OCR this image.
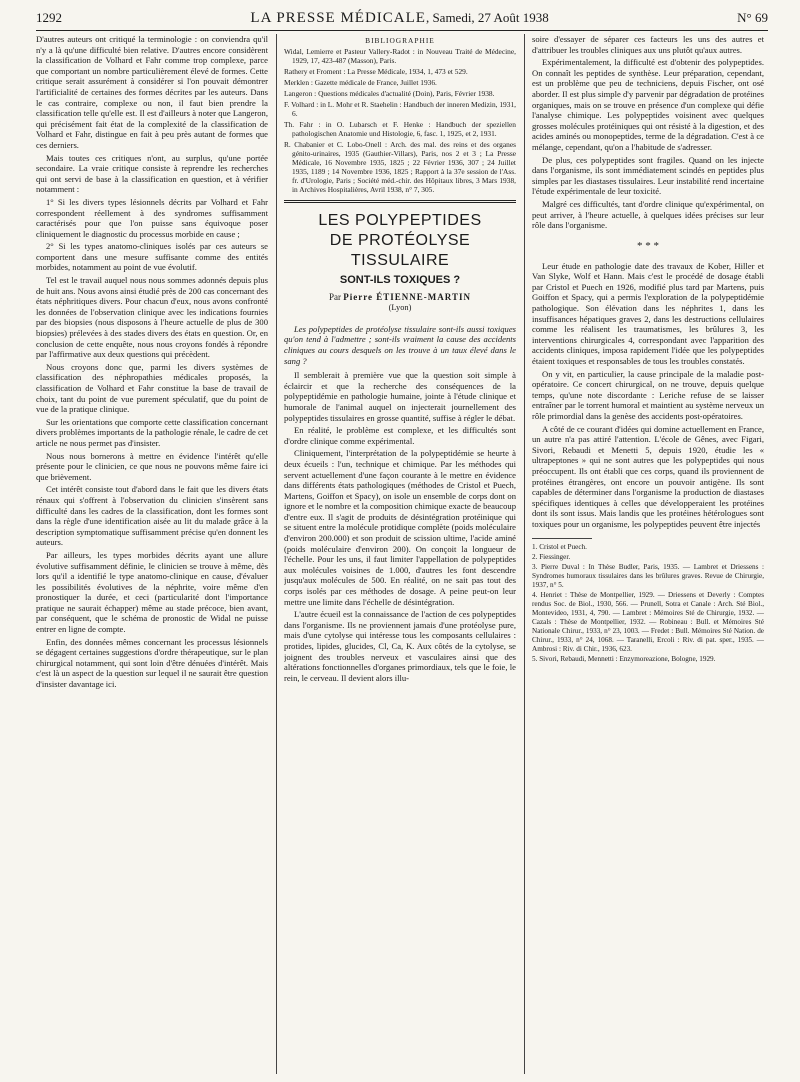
1292	LA PRESSE MÉDICALE, Samedi, 27 Août 1938	N° 69

D'autres auteurs ont critiqué la terminologie : on conviendra qu'il n'y a là qu'une difficulté bien relative. D'autres encore considèrent la classification de Volhard et Fahr comme trop complexe, parce que comportant un nombre particulièrement élevé de formes. Cette critique serait assurément à considérer si l'on pouvait démontrer l'artificialité de certaines des formes décrites par les auteurs. Dans le cas contraire, complexe ou non, il faut bien prendre la classification telle qu'elle est. Il est d'ailleurs à noter que Langeron, qui précisément fait état de la complexité de la classification de Volhard et Fahr, distingue en fait à peu près autant de formes que ces derniers.

Mais toutes ces critiques n'ont, au surplus, qu'une portée secondaire. La vraie critique consiste à reprendre les recherches qui ont servi de base à la classification en question, et à vérifier notamment :

1° Si les divers types lésionnels décrits par Volhard et Fahr correspondent réellement à des syndromes suffisamment caractérisés pour que l'on puisse sans équivoque poser cliniquement le diagnostic du processus morbide en cause ;

2° Si les types anatomo-cliniques isolés par ces auteurs se comportent dans une mesure suffisante comme des entités morbides, notamment au point de vue évolutif.

Tel est le travail auquel nous nous sommes adonnés depuis plus de huit ans. Nous avons ainsi étudié près de 200 cas concernant des états néphritiques divers. Pour chacun d'eux, nous avons confronté les données de l'observation clinique avec les indications fournies par des biopsies (nous disposons à l'heure actuelle de plus de 300 biopsies) prélevées à des stades divers des états en question. Or, en conclusion de cette enquête, nous nous croyons fondés à répondre par l'affirmative aux deux questions qui précèdent.

Nous croyons donc que, parmi les divers systèmes de classification des néphropathies médicales proposés, la classification de Volhard et Fahr constitue la base de travail de choix, tant du point de vue purement spéculatif, que du point de vue de la pratique clinique.

Sur les orientations que comporte cette classification concernant divers problèmes importants de la pathologie rénale, le cadre de cet article ne nous permet pas d'insister.

Nous nous bornerons à mettre en évidence l'intérêt qu'elle présente pour le clinicien, ce que nous ne pouvons même faire ici que brièvement.

Cet intérêt consiste tout d'abord dans le fait que les divers états rénaux qui s'offrent à l'observation du clinicien s'insèrent sans difficulté dans les cadres de la classification, dont les formes sont dans la règle d'une identification aisée au lit du malade grâce à la description symptomatique suffisamment précise qu'en donnent les auteurs.

Par ailleurs, les types morbides décrits ayant une allure évolutive suffisamment définie, le clinicien se trouve à même, dès lors qu'il a identifié le type anatomo-clinique en cause, d'évaluer les possibilités évolutives de la néphrite, voire même d'en pronostiquer la durée, et ceci (particularité dont l'importance pratique ne saurait échapper) même au stade précoce, bien avant, par conséquent, que le schéma de pronostic de Widal ne puisse entrer en ligne de compte.

Enfin, des données mêmes concernant les processus lésionnels se dégagent certaines suggestions d'ordre thérapeutique, sur le plan chirurgical notamment, qui sont loin d'être dénuées d'intérêt. Mais c'est là un aspect de la question sur lequel il ne saurait être question d'insister davantage ici.

BIBLIOGRAPHIE

Widal, Lemierre et Pasteur Vallery-Radot : in Nouveau Traité de Médecine, 1929, 17, 423-487 (Masson), Paris.

Rathery et Froment : La Presse Médicale, 1934, 1, 473 et 529.

Merklen : Gazette médicale de France, Juillet 1936.

Langeron : Questions médicales d'actualité (Doin), Paris, Février 1938.

F. Volhard : in L. Mohr et R. Staehelin : Handbuch der inneren Medizin, 1931, 6.

Th. Fahr : in O. Lubarsch et F. Henke : Handbuch der speziellen pathologischen Anatomie und Histologie, 6, fasc. 1, 1925, et 2, 1931.

R. Chabanier et C. Lobo-Onell : Arch. des mal. des reins et des organes génito-urinaires, 1935 (Gauthier-Villars), Paris, nos 2 et 3 ; La Presse Médicale, 16 Novembre 1935, 1825 ; 22 Février 1936, 307 ; 24 Juillet 1935, 1189 ; 14 Novembre 1936, 1825 ; Rapport à la 37e session de l'Ass. fr. d'Urologie, Paris ; Société méd.-chir. des Hôpitaux libres, 3 Mars 1938, in Archives Hospitalières, Avril 1938, n° 7, 305.

LES POLYPEPTIDES
DE PROTÉOLYSE TISSULAIRE
SONT-ILS TOXIQUES ?
Par Pierre ÉTIENNE-MARTIN
(Lyon)

Les polypeptides de protéolyse tissulaire sont-ils aussi toxiques qu'on tend à l'admettre ; sont-ils vraiment la cause des accidents cliniques au cours desquels on les trouve à un taux élevé dans le sang ?

Il semblerait à première vue que la question soit simple à éclaircir et que la recherche des conséquences de la polypeptidémie en pathologie humaine, jointe à l'étude clinique et humorale de l'animal auquel on injecterait journellement des polypeptides tissulaires en grosse quantité, suffise à régler le débat.

En réalité, le problème est complexe, et les difficultés sont d'ordre clinique comme expérimental.

Cliniquement, l'interprétation de la polypeptidémie se heurte à deux écueils : l'un, technique et chimique. Par les méthodes qui servent actuellement d'une façon courante à le mettre en évidence dans différents états pathologiques (méthodes de Cristol et Puech, Martens, Goiffon et Spacy), on isole un ensemble de corps dont on ignore et le nombre et la composition chimique exacte de beaucoup d'entre eux. Il s'agit de produits de désintégration protéinique qui se situent entre la molécule protidique complète (poids moléculaire d'environ 200.000) et son produit de scission ultime, l'acide aminé (poids moléculaire d'environ 200). On conçoit la longueur de l'échelle. Pour les uns, il faut limiter l'appellation de polypeptides aux molécules voisines de 1.000, d'autres les font descendre jusqu'aux molécules de 500. En réalité, on ne sait pas tout des corps isolés par ces méthodes de dosage. A peine peut-on leur mettre une limite dans l'échelle de désintégration.

L'autre écueil est la connaissance de l'action de ces polypeptides dans l'organisme. Ils ne proviennent jamais d'une protéolyse pure, mais d'une cytolyse qui intéresse tous les composants cellulaires : protides, lipides, glucides, Cl, Ca, K. Aux côtés de la cytolyse, se joignent des troubles nerveux et vasculaires ainsi que des altérations fonctionnelles d'organes primordiaux, tels que le foie, le rein, le cerveau. Il devient alors illu-

soire d'essayer de séparer ces facteurs les uns des autres et d'attribuer les troubles cliniques aux uns plutôt qu'aux autres.

Expérimentalement, la difficulté est d'obtenir des polypeptides. On connaît les peptides de synthèse. Leur préparation, cependant, est un problème que peu de techniciens, depuis Fischer, ont osé aborder. Il est plus simple d'y parvenir par dégradation de protéines organiques, mais on se trouve en présence d'un complexe qui défie l'analyse chimique. Les polypeptides voisinent avec quelques grosses molécules protéiniques qui ont résisté à la digestion, et des acides aminés ou monopeptides, terme de la dégradation. C'est à ce mélange, cependant, qu'on a l'habitude de s'adresser.

De plus, ces polypeptides sont fragiles. Quand on les injecte dans l'organisme, ils sont immédiatement scindés en peptides plus simples par les diastases tissulaires. Leur instabilité rend incertaine l'étude expérimentale de leur toxicité.

Malgré ces difficultés, tant d'ordre clinique qu'expérimental, on peut arriver, à l'heure actuelle, à quelques idées précises sur leur rôle dans l'organisme.

* * *

Leur étude en pathologie date des travaux de Kober, Hiller et Van Slyke, Wolf et Hann. Mais c'est le procédé de dosage établi par Cristol et Puech en 1926, modifié plus tard par Martens, puis Goiffon et Spacy, qui a permis l'exploration de la polypeptidémie pathologique. Son élévation dans les néphrites 1, dans les insuffisances hépatiques graves 2, dans les destructions cellulaires comme les réalisent les traumatismes, les brûlures 3, les interventions chirurgicales 4, correspondant avec l'apparition des accidents cliniques, imposa rapidement l'idée que les polypeptides étaient toxiques et responsables de tous les troubles constatés.

On y vit, en particulier, la cause principale de la maladie post-opératoire. Ce concert chirurgical, on ne trouve, depuis quelque temps, qu'une note discordante : Leriche refuse de se laisser entraîner par le torrent humoral et maintient au système nerveux un rôle primordial dans la genèse des accidents post-opératoires.

A côté de ce courant d'idées qui domine actuellement en France, un autre n'a pas attiré l'attention. L'école de Gênes, avec Figari, Sivori, Rebaudi et Menetti 5, depuis 1920, étudie les « ultrapeptones » qui ne sont autres que les polypeptides qui nous préoccupent. Ils ont établi que ces corps, quand ils proviennent de protéines étrangères, ont encore un pouvoir antigène. Ils sont capables de déterminer dans l'organisme la production de diastases spécifiques identiques à celles que développeraient les protéines dont ils sont issus. Mais landis que les protéines hétérologues sont toxiques pour un organisme, les polypeptides peuvent être injectés

1. Cristol et Puech.

2. Fiessinger.

3. Pierre Duval : In Thèse Budler, Paris, 1935. — Lambret et Driessens : Syndromes humoraux tissulaires dans les brûlures graves. Revue de Chirurgie, 1937, n° 5.

4. Henriet : Thèse de Montpellier, 1929. — Driessens et Deverly : Comptes rendus Soc. de Biol., 1930, 566. — Prunell, Sotra et Canale : Arch. Sté Biol., Montevideo, 1931, 4, 790. — Lambret : Mémoires Sté de Chirurgie, 1932. — Cazals : Thèse de Montpellier, 1932. — Robineau : Bull. et Mémoires Sté Nationale Chirur., 1933, n° 23, 1003. — Fredet : Bull. Mémoires Sté Nation. de Chirur., 1933, n° 24, 1068. — Taranelli, Ercoli : Riv. di pat. sper., 1935. — Ambrosi : Riv. di Chir., 1936, 623.

5. Sivori, Rebaudi, Mennetti : Enzymoreazione, Bologne, 1929.
